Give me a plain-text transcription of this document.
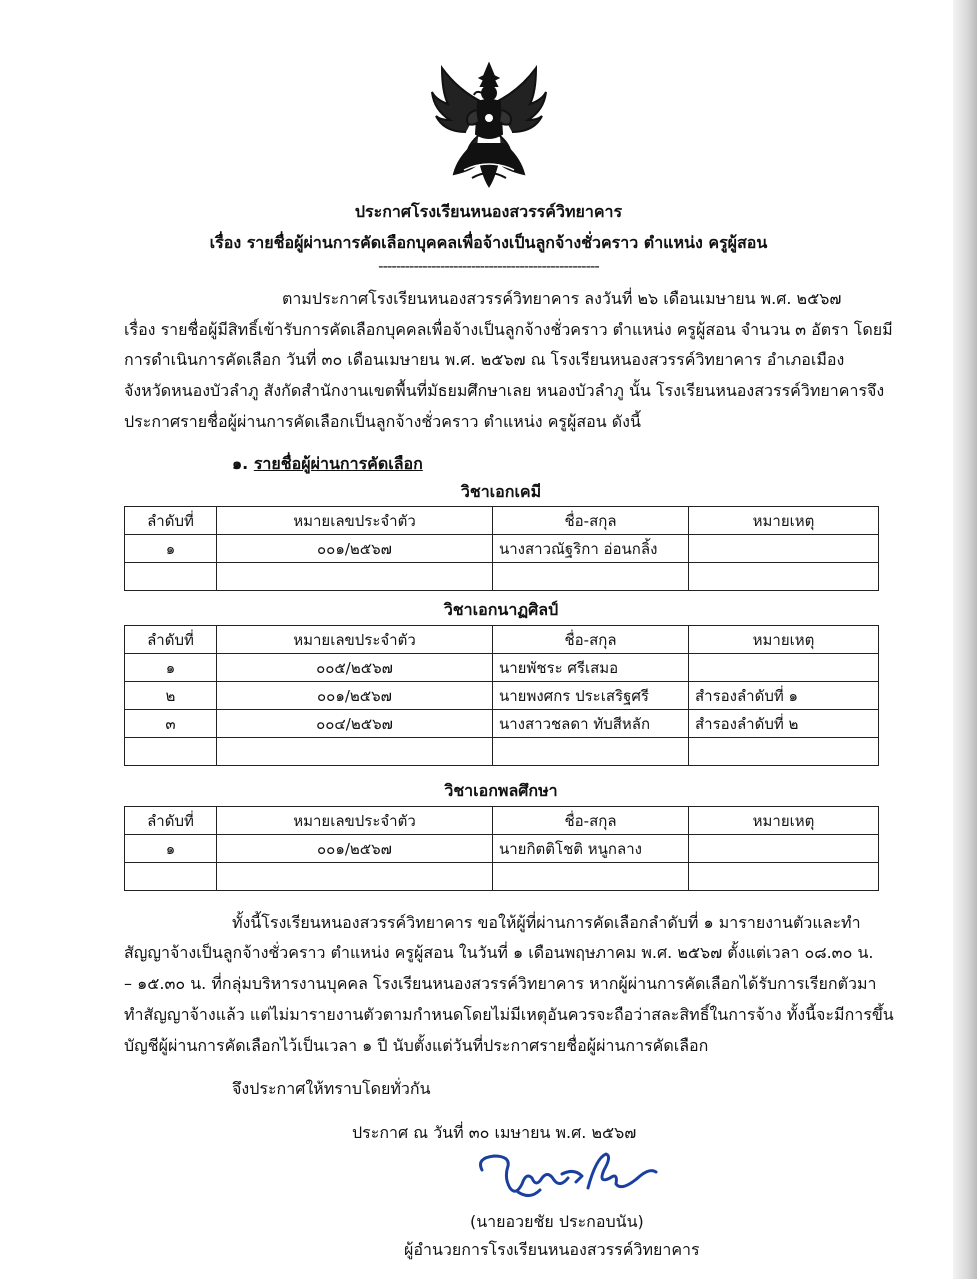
ประกาศโรงเรียนหนองสวรรค์วิทยาคาร
เรื่อง รายชื่อผู้ผ่านการคัดเลือกบุคคลเพื่อจ้างเป็นลูกจ้างชั่วคราว ตำแหน่ง ครูผู้สอน
--------------------------------------------------
ตามประกาศโรงเรียนหนองสวรรค์วิทยาคาร ลงวันที่ ๒๖ เดือนเมษายน พ.ศ. ๒๕๖๗
เรื่อง รายชื่อผู้มีสิทธิ์เข้ารับการคัดเลือกบุคคลเพื่อจ้างเป็นลูกจ้างชั่วคราว ตำแหน่ง ครูผู้สอน จำนวน ๓ อัตรา โดยมี
การดำเนินการคัดเลือก วันที่ ๓๐ เดือนเมษายน พ.ศ. ๒๕๖๗ ณ โรงเรียนหนองสวรรค์วิทยาคาร อำเภอเมือง
จังหวัดหนองบัวลำภู สังกัดสำนักงานเขตพื้นที่มัธยมศึกษาเลย หนองบัวลำภู นั้น โรงเรียนหนองสวรรค์วิทยาคารจึง
ประกาศรายชื่อผู้ผ่านการคัดเลือกเป็นลูกจ้างชั่วคราว ตำแหน่ง ครูผู้สอน ดังนี้
๑. รายชื่อผู้ผ่านการคัดเลือก
วิชาเอกเคมี
ลำดับที่	หมายเลขประจำตัว	ชื่อ-สกุล	หมายเหตุ
๑	๐๐๑/๒๕๖๗	นางสาวณัฐริกา อ่อนกลิ้ง	

วิชาเอกนาฏศิลป์
ลำดับที่	หมายเลขประจำตัว	ชื่อ-สกุล	หมายเหตุ
๑	๐๐๕/๒๕๖๗	นายพัชระ ศรีเสมอ	
๒	๐๐๑/๒๕๖๗	นายพงศกร ประเสริฐศรี	สำรองลำดับที่ ๑
๓	๐๐๔/๒๕๖๗	นางสาวชลดา ทับสีหลัก	สำรองลำดับที่ ๒

วิชาเอกพลศึกษา
ลำดับที่	หมายเลขประจำตัว	ชื่อ-สกุล	หมายเหตุ
๑	๐๐๑/๒๕๖๗	นายกิตติโชติ หนูกลาง	

ทั้งนี้โรงเรียนหนองสวรรค์วิทยาคาร ขอให้ผู้ที่ผ่านการคัดเลือกลำดับที่ ๑ มารายงานตัวและทำ
สัญญาจ้างเป็นลูกจ้างชั่วคราว ตำแหน่ง ครูผู้สอน ในวันที่ ๑ เดือนพฤษภาคม พ.ศ. ๒๕๖๗ ตั้งแต่เวลา ๐๘.๓๐ น.
– ๑๕.๓๐ น. ที่กลุ่มบริหารงานบุคคล โรงเรียนหนองสวรรค์วิทยาคาร หากผู้ผ่านการคัดเลือกได้รับการเรียกตัวมา
ทำสัญญาจ้างแล้ว แต่ไม่มารายงานตัวตามกำหนดโดยไม่มีเหตุอันควรจะถือว่าสละสิทธิ์ในการจ้าง ทั้งนี้จะมีการขึ้น
บัญชีผู้ผ่านการคัดเลือกไว้เป็นเวลา ๑ ปี นับตั้งแต่วันที่ประกาศรายชื่อผู้ผ่านการคัดเลือก
จึงประกาศให้ทราบโดยทั่วกัน
ประกาศ ณ วันที่ ๓๐ เมษายน พ.ศ. ๒๕๖๗
(นายอวยชัย ประกอบนัน)
ผู้อำนวยการโรงเรียนหนองสวรรค์วิทยาคาร
